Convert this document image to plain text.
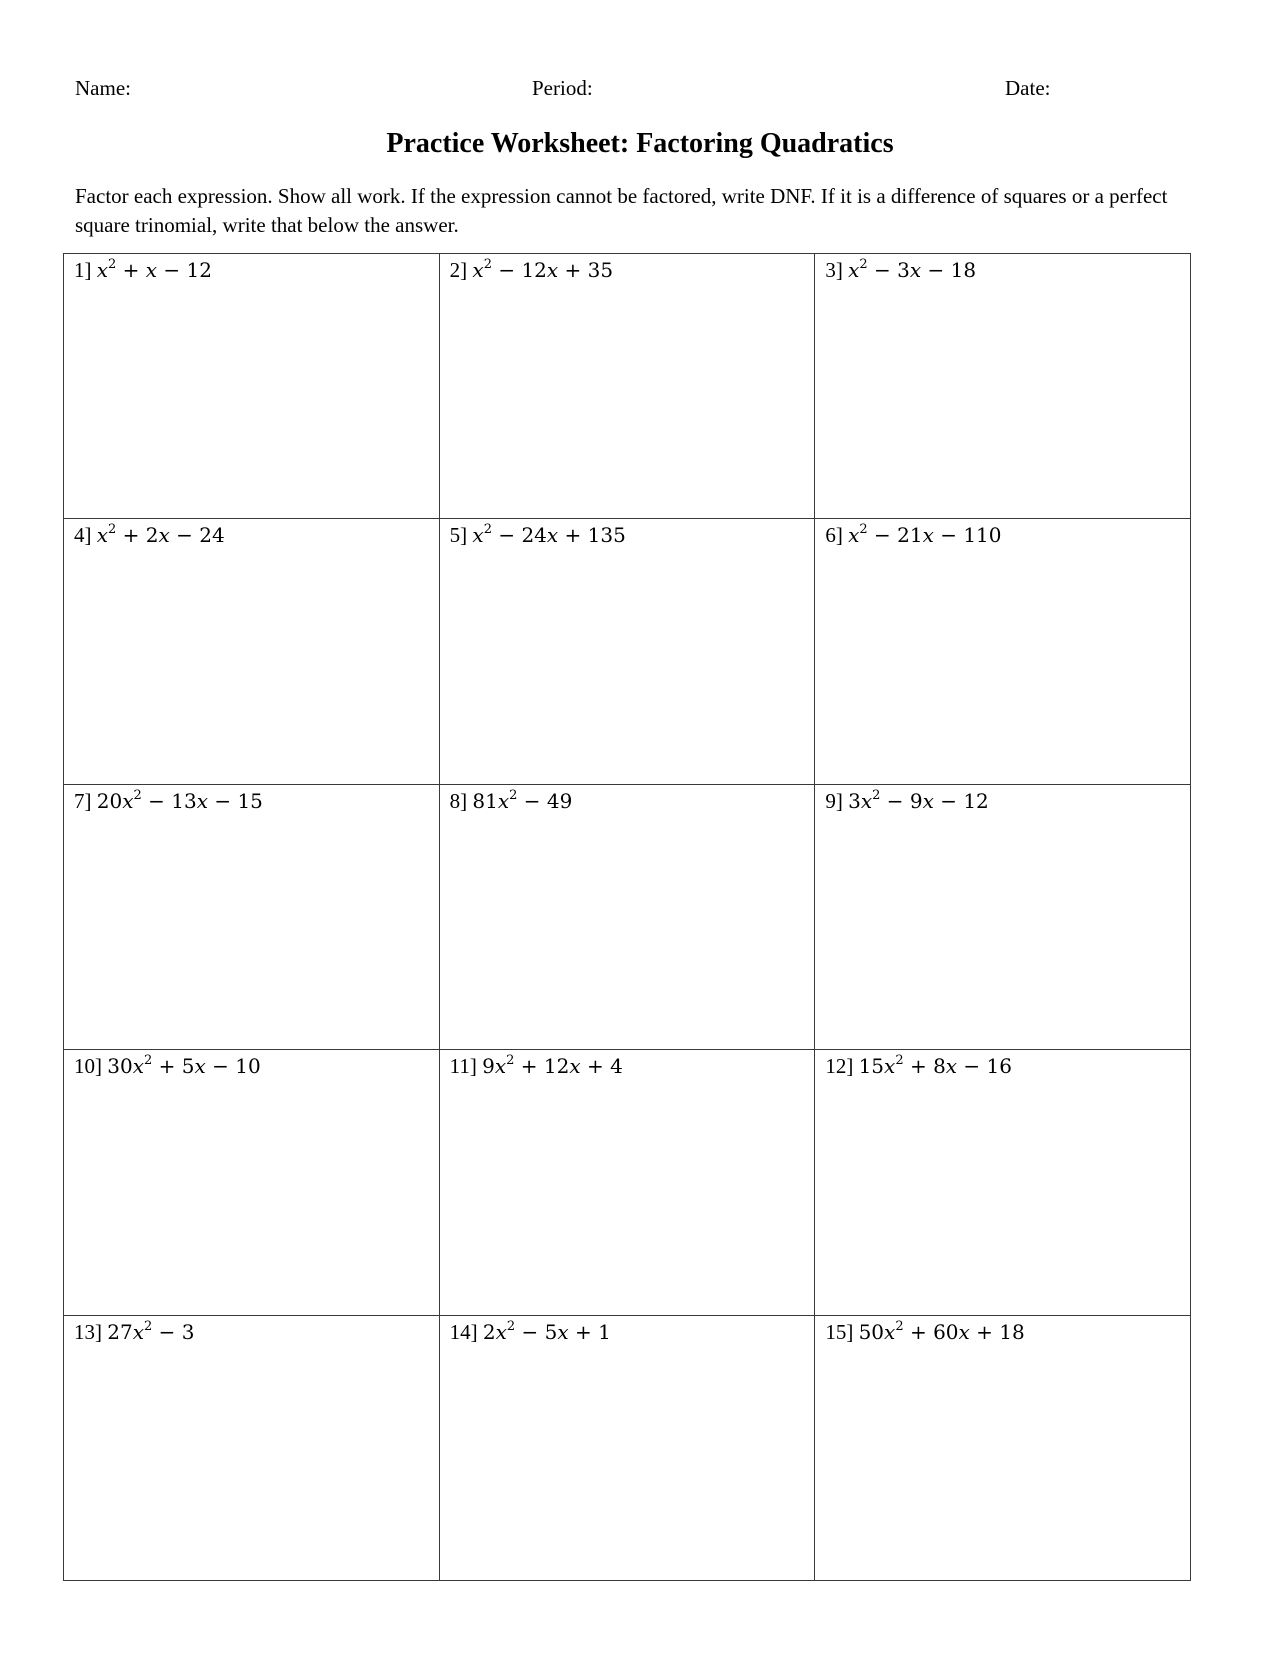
Name:	Period:	Date:
Practice Worksheet: Factoring Quadratics
Factor each expression. Show all work. If the expression cannot be factored, write DNF. If it is a difference of squares or a perfect square trinomial, write that below the answer.
1] $x^2 + x - 12$	2] $x^2 - 12x + 35$	3] $x^2 - 3x - 18$
4] $x^2 + 2x - 24$	5] $x^2 - 24x + 135$	6] $x^2 - 21x - 110$
7] $20x^2 - 13x - 15$	8] $81x^2 - 49$	9] $3x^2 - 9x - 12$
10] $30x^2 + 5x - 10$	11] $9x^2 + 12x + 4$	12] $15x^2 + 8x - 16$
13] $27x^2 - 3$	14] $2x^2 - 5x + 1$	15] $50x^2 + 60x + 18$
